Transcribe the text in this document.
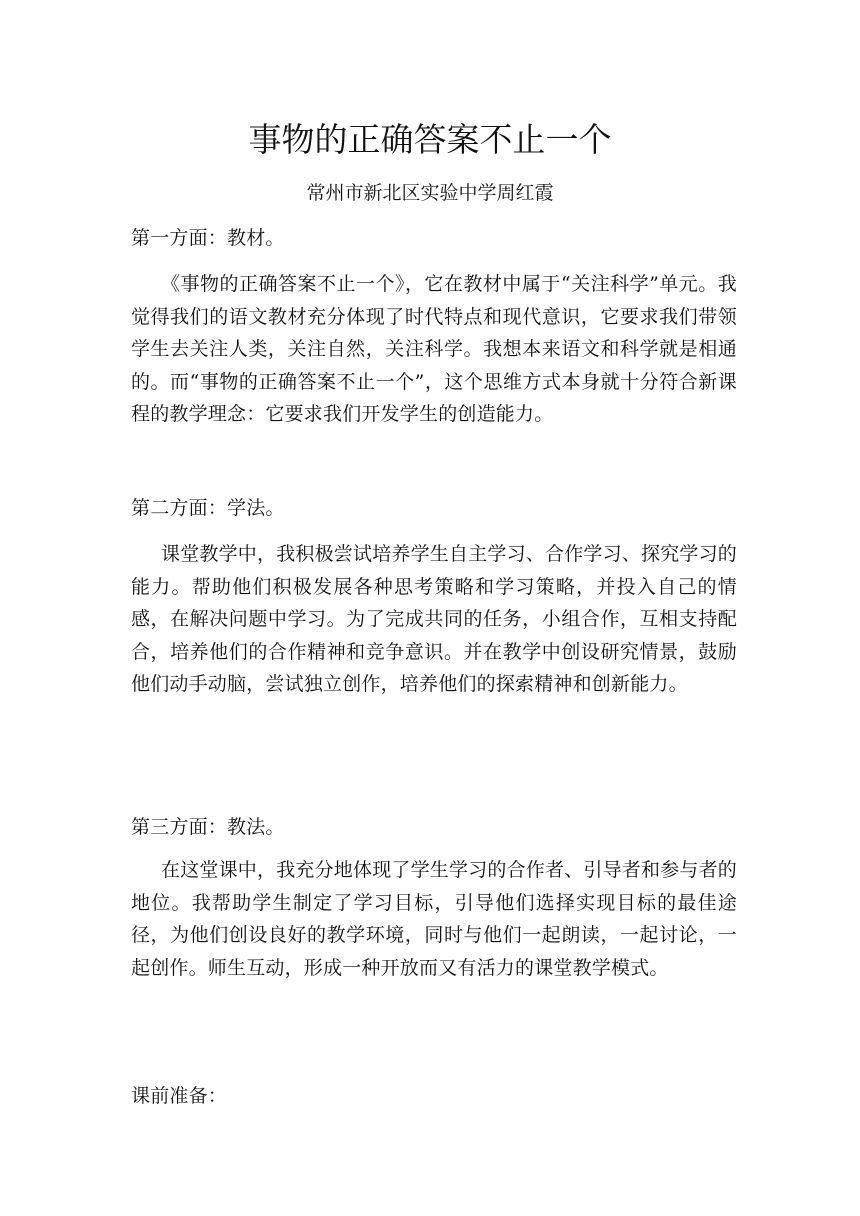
事物的正确答案不止一个
常州市新北区实验中学周红霞
第一方面：教材。
《事物的正确答案不止一个》，它在教材中属于“关注科学”单元。我觉得我们的语文教材充分体现了时代特点和现代意识，它要求我们带领学生去关注人类，关注自然，关注科学。我想本来语文和科学就是相通的。而“事物的正确答案不止一个”，这个思维方式本身就十分符合新课程的教学理念：它要求我们开发学生的创造能力。
第二方面：学法。
课堂教学中，我积极尝试培养学生自主学习、合作学习、探究学习的能力。帮助他们积极发展各种思考策略和学习策略，并投入自己的情感，在解决问题中学习。为了完成共同的任务，小组合作，互相支持配合，培养他们的合作精神和竞争意识。并在教学中创设研究情景，鼓励他们动手动脑，尝试独立创作，培养他们的探索精神和创新能力。
第三方面：教法。
在这堂课中，我充分地体现了学生学习的合作者、引导者和参与者的地位。我帮助学生制定了学习目标，引导他们选择实现目标的最佳途径，为他们创设良好的教学环境，同时与他们一起朗读，一起讨论，一起创作。师生互动，形成一种开放而又有活力的课堂教学模式。
课前准备：
